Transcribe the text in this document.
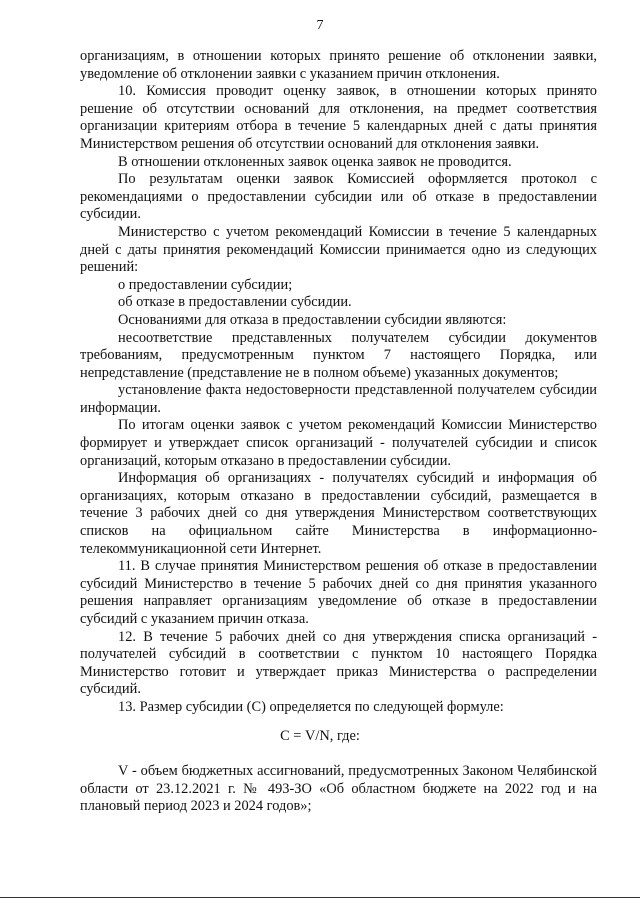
7

организациям, в отношении которых принято решение об отклонении заявки, уведомление об отклонении заявки с указанием причин отклонения.

10. Комиссия проводит оценку заявок, в отношении которых принято решение об отсутствии оснований для отклонения, на предмет соответствия организации критериям отбора в течение 5 календарных дней с даты принятия Министерством решения об отсутствии оснований для отклонения заявки.

В отношении отклоненных заявок оценка заявок не проводится.

По результатам оценки заявок Комиссией оформляется протокол с рекомендациями о предоставлении субсидии или об отказе в предоставлении субсидии.

Министерство с учетом рекомендаций Комиссии в течение 5 календарных дней с даты принятия рекомендаций Комиссии принимается одно из следующих решений:

о предоставлении субсидии;

об отказе в предоставлении субсидии.

Основаниями для отказа в предоставлении субсидии являются:

несоответствие представленных получателем субсидии документов требованиям, предусмотренным пунктом 7 настоящего Порядка, или непредставление (представление не в полном объеме) указанных документов;

установление факта недостоверности представленной получателем субсидии информации.

По итогам оценки заявок с учетом рекомендаций Комиссии Министерство формирует и утверждает список организаций - получателей субсидии и список организаций, которым отказано в предоставлении субсидии.

Информация об организациях - получателях субсидий и информация об организациях, которым отказано в предоставлении субсидий, размещается в течение 3 рабочих дней со дня утверждения Министерством соответствующих списков на официальном сайте Министерства в информационно-телекоммуникационной сети Интернет.

11. В случае принятия Министерством решения об отказе в предоставлении субсидий Министерство в течение 5 рабочих дней со дня принятия указанного решения направляет организациям уведомление об отказе в предоставлении субсидий с указанием причин отказа.

12. В течение 5 рабочих дней со дня утверждения списка организаций - получателей субсидий в соответствии с пунктом 10 настоящего Порядка Министерство готовит и утверждает приказ Министерства о распределении субсидий.

13. Размер субсидии (С) определяется по следующей формуле:

С = V/N, где:

V - объем бюджетных ассигнований, предусмотренных Законом Челябинской области от 23.12.2021 г. № 493-ЗО «Об областном бюджете на 2022 год и на плановый период 2023 и 2024 годов»;
